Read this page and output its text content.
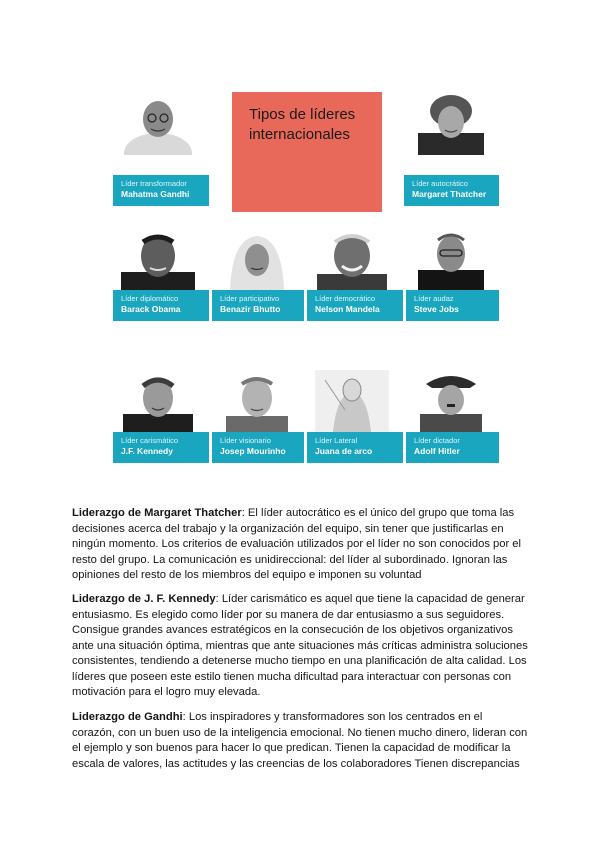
Líder transformador
Mahatma Gandhi
Tipos de líderes internacionales
Líder autocrático
Margaret Thatcher
Líder diplomático
Barack Obama
Líder participativo
Benazir Bhutto
Líder democrático
Nelson Mandela
Líder audaz
Steve Jobs
Líder carismático
J.F. Kennedy
Líder visionario
Josep Mourinho
Líder Lateral
Juana de arco
Líder dictador
Adolf Hitler

Liderazgo de Margaret Thatcher: El líder autocrático es el único del grupo que toma las decisiones acerca del trabajo y la organización del equipo, sin tener que justificarlas en ningún momento. Los criterios de evaluación utilizados por el líder no son conocidos por el resto del grupo. La comunicación es unidireccional: del líder al subordinado. Ignoran las opiniones del resto de los miembros del equipo e imponen su voluntad

Liderazgo de J. F. Kennedy: Líder carismático es aquel que tiene la capacidad de generar entusiasmo. Es elegido como líder por su manera de dar entusiasmo a sus seguidores. Consigue grandes avances estratégicos en la consecución de los objetivos organizativos ante una situación óptima, mientras que ante situaciones más críticas administra soluciones consistentes, tendiendo a detenerse mucho tiempo en una planificación de alta calidad. Los líderes que poseen este estilo tienen mucha dificultad para interactuar con personas con motivación para el logro muy elevada.

Liderazgo de Gandhi: Los inspiradores y transformadores son los centrados en el corazón, con un buen uso de la inteligencia emocional. No tienen mucho dinero, lideran con el ejemplo y son buenos para hacer lo que predican. Tienen la capacidad de modificar la escala de valores, las actitudes y las creencias de los colaboradores Tienen discrepancias
